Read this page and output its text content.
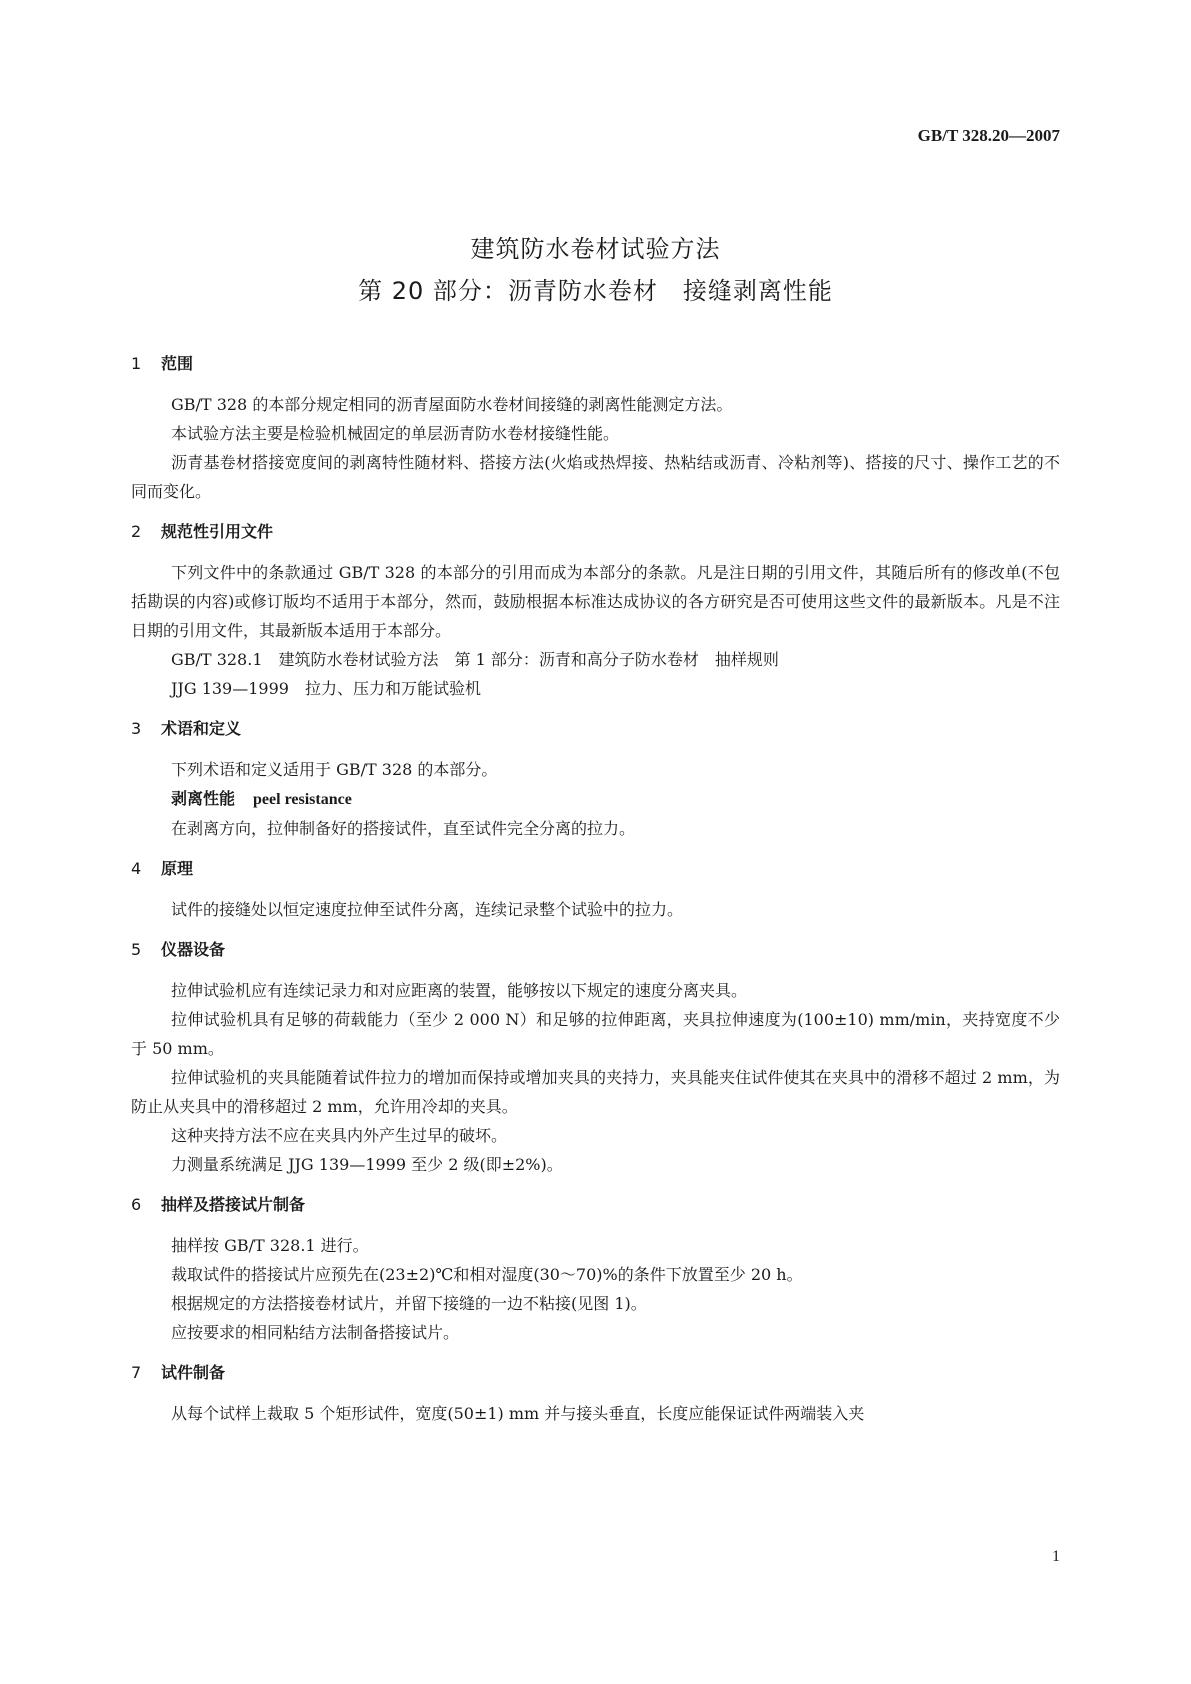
GB/T 328.20—2007
建筑防水卷材试验方法
第 20 部分：沥青防水卷材　接缝剥离性能
1	范围
GB/T 328 的本部分规定相同的沥青屋面防水卷材间接缝的剥离性能测定方法。
本试验方法主要是检验机械固定的单层沥青防水卷材接缝性能。
沥青基卷材搭接宽度间的剥离特性随材料、搭接方法(火焰或热焊接、热粘结或沥青、冷粘剂等)、搭接的尺寸、操作工艺的不同而变化。
2	规范性引用文件
下列文件中的条款通过 GB/T 328 的本部分的引用而成为本部分的条款。凡是注日期的引用文件，其随后所有的修改单(不包括勘误的内容)或修订版均不适用于本部分，然而，鼓励根据本标准达成协议的各方研究是否可使用这些文件的最新版本。凡是不注日期的引用文件，其最新版本适用于本部分。
GB/T 328.1　建筑防水卷材试验方法　第 1 部分：沥青和高分子防水卷材　抽样规则
JJG 139—1999　拉力、压力和万能试验机
3	术语和定义
下列术语和定义适用于 GB/T 328 的本部分。
剥离性能 peel resistance
在剥离方向，拉伸制备好的搭接试件，直至试件完全分离的拉力。
4	原理
试件的接缝处以恒定速度拉伸至试件分离，连续记录整个试验中的拉力。
5	仪器设备
拉伸试验机应有连续记录力和对应距离的装置，能够按以下规定的速度分离夹具。
拉伸试验机具有足够的荷载能力（至少 2 000 N）和足够的拉伸距离，夹具拉伸速度为(100±10) mm/min，夹持宽度不少于 50 mm。
拉伸试验机的夹具能随着试件拉力的增加而保持或增加夹具的夹持力，夹具能夹住试件使其在夹具中的滑移不超过 2 mm，为防止从夹具中的滑移超过 2 mm，允许用冷却的夹具。
这种夹持方法不应在夹具内外产生过早的破坏。
力测量系统满足 JJG 139—1999 至少 2 级(即±2%)。
6	抽样及搭接试片制备
抽样按 GB/T 328.1 进行。
裁取试件的搭接试片应预先在(23±2)℃和相对湿度(30～70)%的条件下放置至少 20 h。
根据规定的方法搭接卷材试片，并留下接缝的一边不粘接(见图 1)。
应按要求的相同粘结方法制备搭接试片。
7	试件制备
从每个试样上裁取 5 个矩形试件，宽度(50±1) mm 并与接头垂直，长度应能保证试件两端装入夹
1
